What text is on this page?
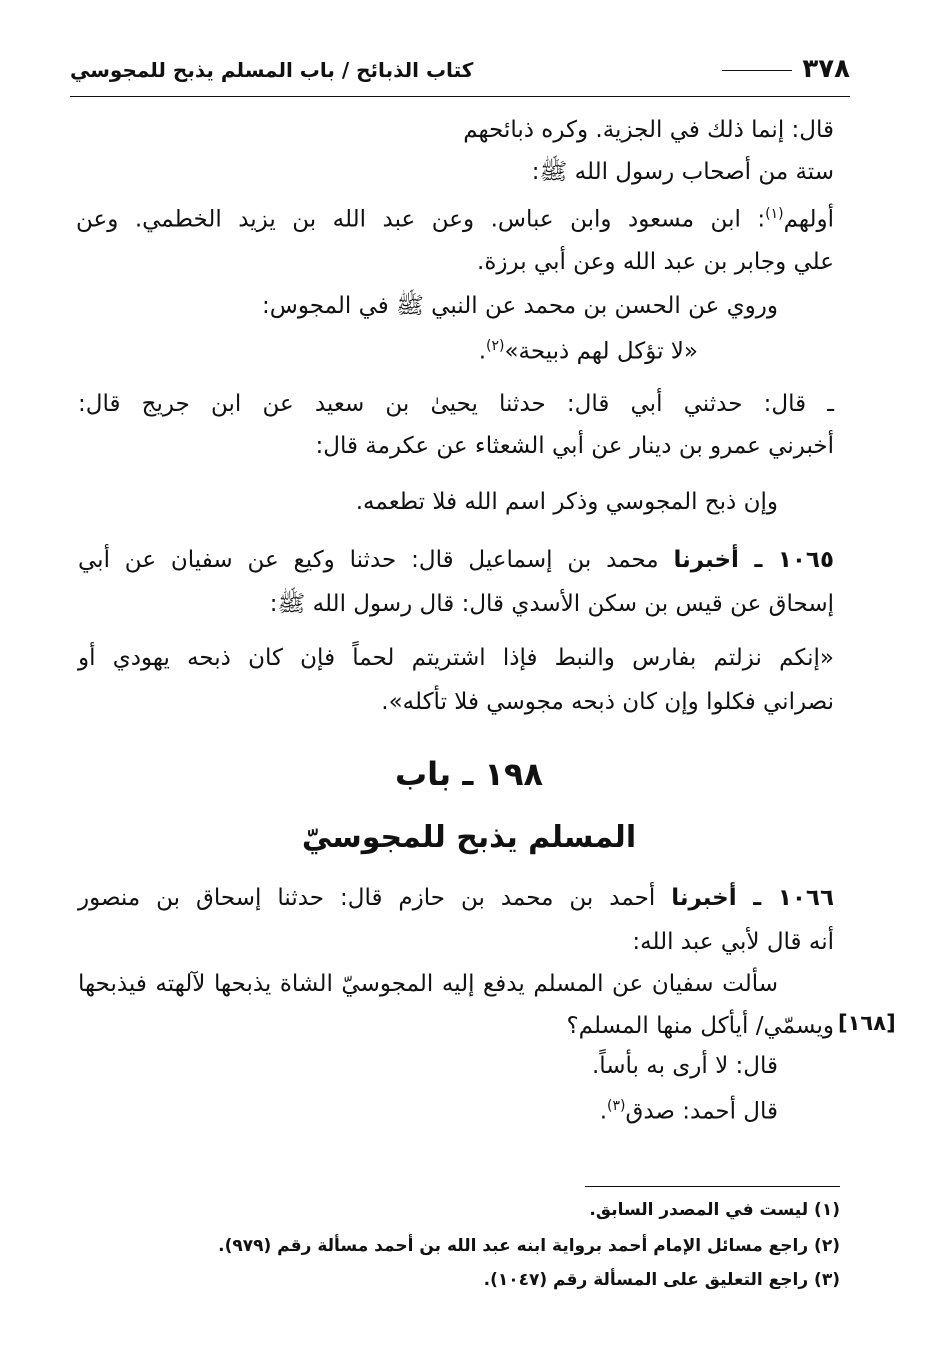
٣٧٨
كتاب الذبائح / باب المسلم يذبح للمجوسي
قال: إنما ذلك في الجزية. وكره ذبائحهم
ستة من أصحاب رسول الله ﷺ:
أولهم$^{(١)}$: ابن مسعود وابن عباس. وعن عبد الله بن يزيد الخطمي. وعن
علي وجابر بن عبد الله وعن أبي برزة.
وروي عن الحسن بن محمد عن النبي ﷺ في المجوس:
«لا تؤكل لهم ذبيحة»$^{(٢)}$.
ـ قال: حدثني أبي قال: حدثنا يحيىٰ بن سعيد عن ابن جريج قال:
أخبرني عمرو بن دينار عن أبي الشعثاء عن عكرمة قال:
وإن ذبح المجوسي وذكر اسم الله فلا تطعمه.
١٠٦٥ ـ أخبرنا محمد بن إسماعيل قال: حدثنا وكيع عن سفيان عن أبي
إسحاق عن قيس بن سكن الأسدي قال: قال رسول الله ﷺ:
«إنكم نزلتم بفارس والنبط فإذا اشتريتم لحماً فإن كان ذبحه يهودي أو
نصراني فكلوا وإن كان ذبحه مجوسي فلا تأكله».
١٩٨ ـ باب
المسلم يذبح للمجوسيّ
١٠٦٦ ـ أخبرنا أحمد بن محمد بن حازم قال: حدثنا إسحاق بن منصور
أنه قال لأبي عبد الله:
سألت سفيان عن المسلم يدفع إليه المجوسيّ الشاة يذبحها لآلهته فيذبحها
ويسمّي/ أيأكل منها المسلم؟ [١٦٨]
قال: لا أرى به بأساً.
قال أحمد: صدق$^{(٣)}$.
(١) ليست في المصدر السابق.
(٢) راجع مسائل الإمام أحمد برواية ابنه عبد الله بن أحمد مسألة رقم (٩٧٩).
(٣) راجع التعليق على المسألة رقم (١٠٤٧).
